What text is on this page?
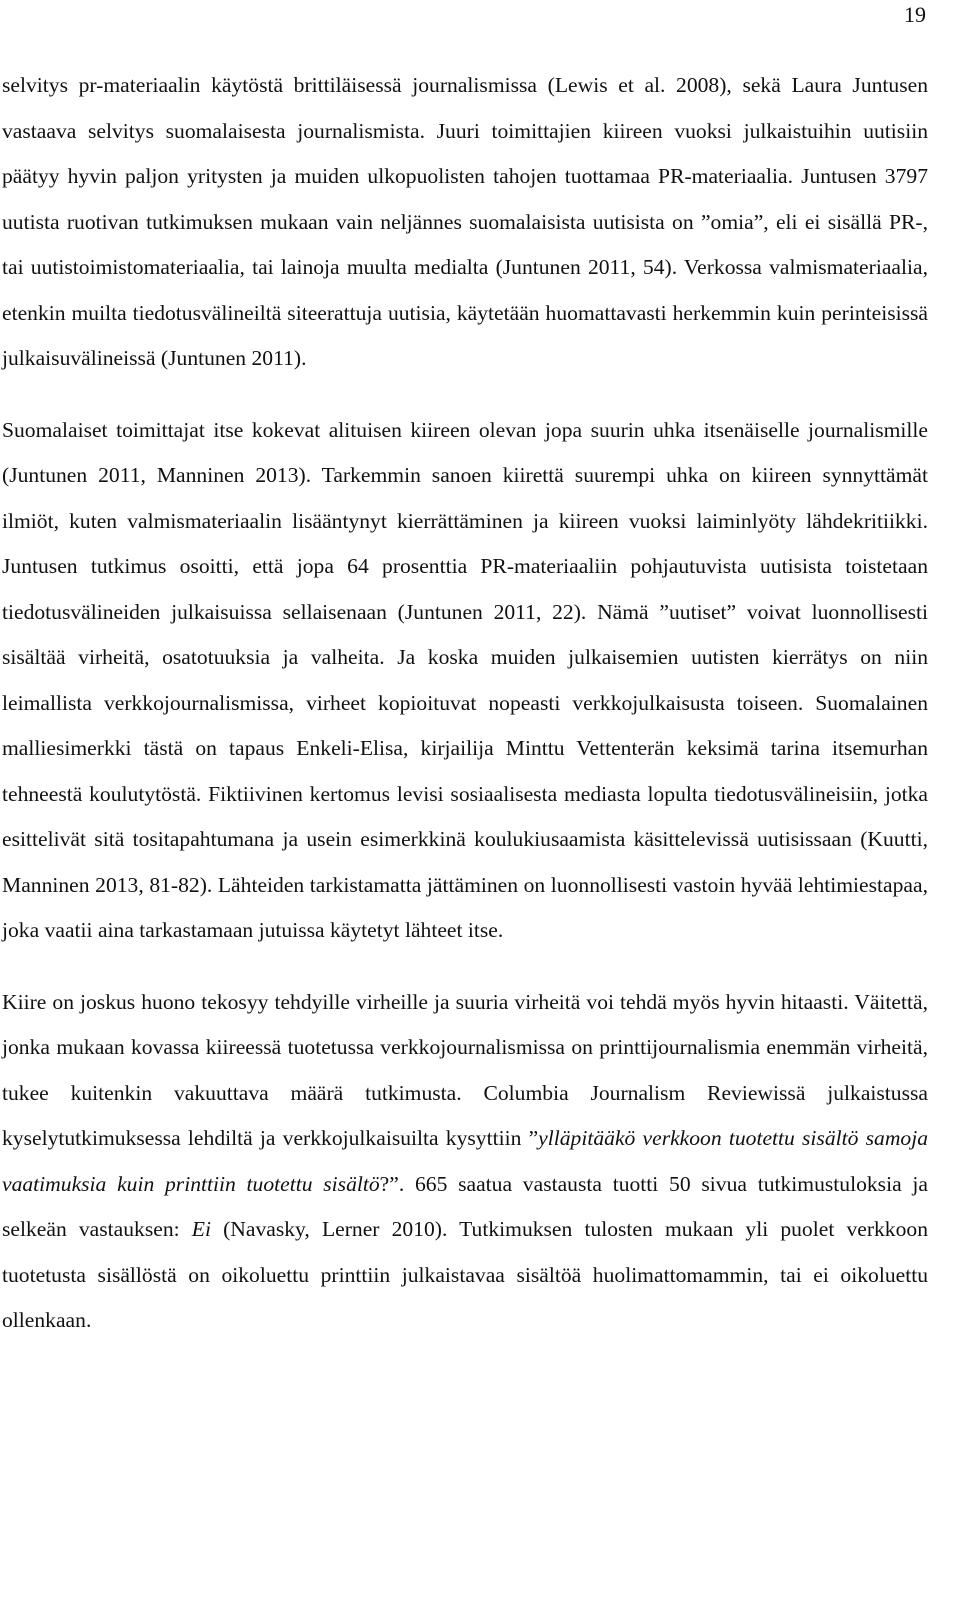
19

selvitys pr-materiaalin käytöstä brittiläisessä journalismissa (Lewis et al. 2008), sekä Laura Juntusen vastaava selvitys suomalaisesta journalismista. Juuri toimittajien kiireen vuoksi julkaistuihin uutisiin päätyy hyvin paljon yritysten ja muiden ulkopuolisten tahojen tuottamaa PR-materiaalia. Juntusen 3797 uutista ruotivan tutkimuksen mukaan vain neljännes suomalaisista uutisista on ”omia”, eli ei sisällä PR-, tai uutistoimistomateriaalia, tai lainoja muulta medialta (Juntunen 2011, 54). Verkossa valmismateriaalia, etenkin muilta tiedotusvälineiltä siteerattuja uutisia, käytetään huomattavasti herkemmin kuin perinteisissä julkaisuvälineissä (Juntunen 2011).

Suomalaiset toimittajat itse kokevat alituisen kiireen olevan jopa suurin uhka itsenäiselle journalismille (Juntunen 2011, Manninen 2013). Tarkemmin sanoen kiirettä suurempi uhka on kiireen synnyttämät ilmiöt, kuten valmismateriaalin lisääntynyt kierrättäminen ja kiireen vuoksi laiminlyöty lähdekritiikki. Juntusen tutkimus osoitti, että jopa 64 prosenttia PR-materiaaliin pohjautuvista uutisista toistetaan tiedotusvälineiden julkaisuissa sellaisenaan (Juntunen 2011, 22). Nämä ”uutiset” voivat luonnollisesti sisältää virheitä, osatotuuksia ja valheita. Ja koska muiden julkaisemien uutisten kierrätys on niin leimallista verkkojournalismissa, virheet kopioituvat nopeasti verkkojulkaisusta toiseen. Suomalainen malliesimerkki tästä on tapaus Enkeli-Elisa, kirjailija Minttu Vettenterän keksimä tarina itsemurhan tehneestä koulutytöstä. Fiktiivinen kertomus levisi sosiaalisesta mediasta lopulta tiedotusvälineisiin, jotka esittelivät sitä tositapahtumana ja usein esimerkkinä koulukiusaamista käsittelevissä uutisissaan (Kuutti, Manninen 2013, 81-82). Lähteiden tarkistamatta jättäminen on luonnollisesti vastoin hyvää lehtimiestapaa, joka vaatii aina tarkastamaan jutuissa käytetyt lähteet itse.

Kiire on joskus huono tekosyy tehdyille virheille ja suuria virheitä voi tehdä myös hyvin hitaasti. Väitettä, jonka mukaan kovassa kiireessä tuotetussa verkkojournalismissa on printtijournalismia enemmän virheitä, tukee kuitenkin vakuuttava määrä tutkimusta. Columbia Journalism Reviewissä julkaistussa kyselytutkimuksessa lehdiltä ja verkkojulkaisuilta kysyttiin ”ylläpitääkö verkkoon tuotettu sisältö samoja vaatimuksia kuin printtiin tuotettu sisältö?”. 665 saatua vastausta tuotti 50 sivua tutkimustuloksia ja selkeän vastauksen: Ei (Navasky, Lerner 2010). Tutkimuksen tulosten mukaan yli puolet verkkoon tuotetusta sisällöstä on oikoluettu printtiin julkaistavaa sisältöä huolimattomammin, tai ei oikoluettu ollenkaan.
